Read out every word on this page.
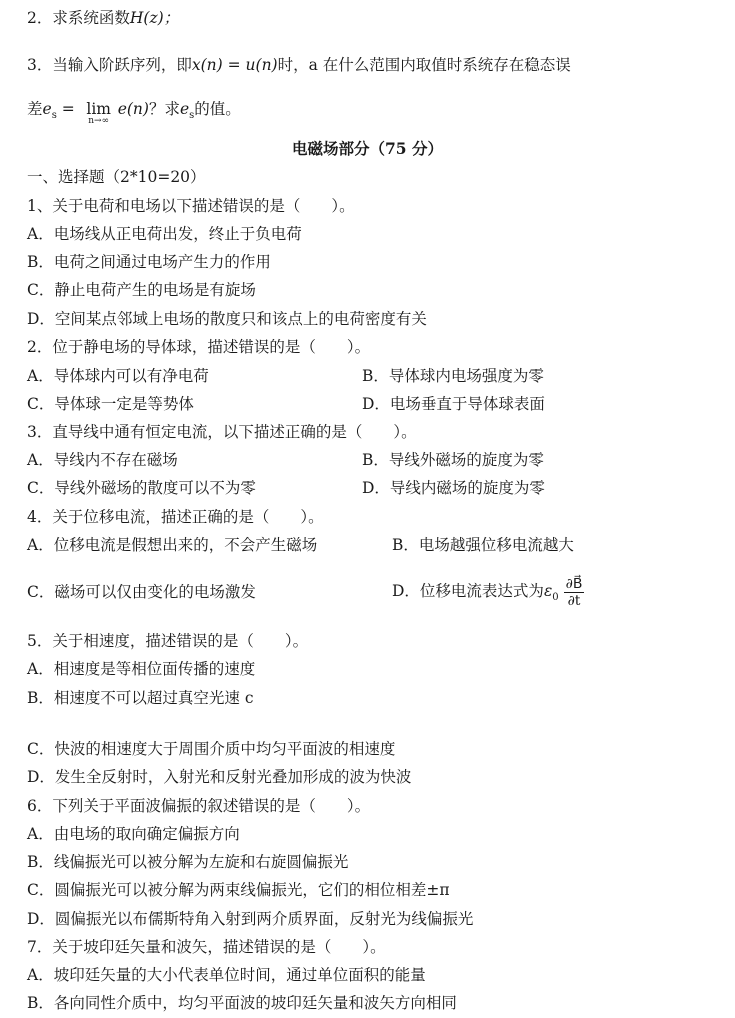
2．求系统函数H(z)；
3．当输入阶跃序列，即x(n) = u(n)时，a 在什么范围内取值时系统存在稳态误
差$e_s = \lim$
n→∞
e(n)？求$e_s$的值。
电磁场部分（75 分）
一、选择题（2*10=20）
1、关于电荷和电场以下描述错误的是（　　）。
A．电场线从正电荷出发，终止于负电荷
B．电荷之间通过电场产生力的作用
C．静止电荷产生的电场是有旋场
D．空间某点邻域上电场的散度只和该点上的电荷密度有关
2．位于静电场的导体球，描述错误的是（　　）。
A．导体球内可以有净电荷	B．导体球内电场强度为零
C．导体球一定是等势体	D．电场垂直于导体球表面
3．直导线中通有恒定电流，以下描述正确的是（　　）。
A．导线内不存在磁场	B．导线外磁场的旋度为零
C．导线外磁场的散度可以不为零	D．导线内磁场的旋度为零
4．关于位移电流，描述正确的是（　　）。
A．位移电流是假想出来的，不会产生磁场	B．电场越强位移电流越大
C．磁场可以仅由变化的电场激发	D．位移电流表达式为$\varepsilon_0 \frac{\partial B⃗}{\partial t}$
5．关于相速度，描述错误的是（　　）。
A．相速度是等相位面传播的速度
B．相速度不可以超过真空光速 c
C．快波的相速度大于周围介质中均匀平面波的相速度
D．发生全反射时，入射光和反射光叠加形成的波为快波
6．下列关于平面波偏振的叙述错误的是（　　）。
A．由电场的取向确定偏振方向
B．线偏振光可以被分解为左旋和右旋圆偏振光
C．圆偏振光可以被分解为两束线偏振光，它们的相位相差±π
D．圆偏振光以布儒斯特角入射到两介质界面，反射光为线偏振光
7．关于坡印廷矢量和波矢，描述错误的是（　　）。
A．坡印廷矢量的大小代表单位时间，通过单位面积的能量
B．各向同性介质中，均匀平面波的坡印廷矢量和波矢方向相同
